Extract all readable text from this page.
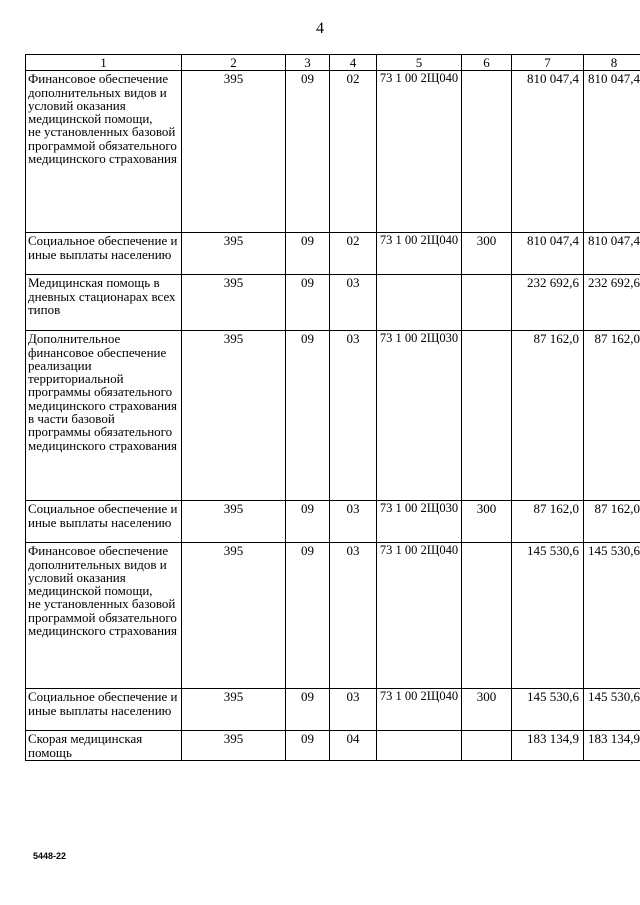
4
1	2	3	4	5	6	7	8
Финансовое обеспечение дополнительных видов и условий оказания медицинской помощи,
не установленных базовой программой обязательного медицинского страхования	395	09	02	73 1 00 2Щ040		810 047,4	810 047,4
Социальное обеспечение и иные выплаты населению	395	09	02	73 1 00 2Щ040	300	810 047,4	810 047,4
Медицинская помощь в дневных стационарах всех типов	395	09	03			232 692,6	232 692,6
Дополнительное финансовое обеспечение реализации территориальной программы обязательного медицинского страхования в части базовой программы обязательного медицинского страхования	395	09	03	73 1 00 2Щ030		87 162,0	87 162,0
Социальное обеспечение и иные выплаты населению	395	09	03	73 1 00 2Щ030	300	87 162,0	87 162,0
Финансовое обеспечение дополнительных видов и условий оказания медицинской помощи,
не установленных базовой программой обязательного медицинского страхования	395	09	03	73 1 00 2Щ040		145 530,6	145 530,6
Социальное обеспечение и иные выплаты населению	395	09	03	73 1 00 2Щ040	300	145 530,6	145 530,6
Скорая медицинская помощь	395	09	04			183 134,9	183 134,9
5448-22
